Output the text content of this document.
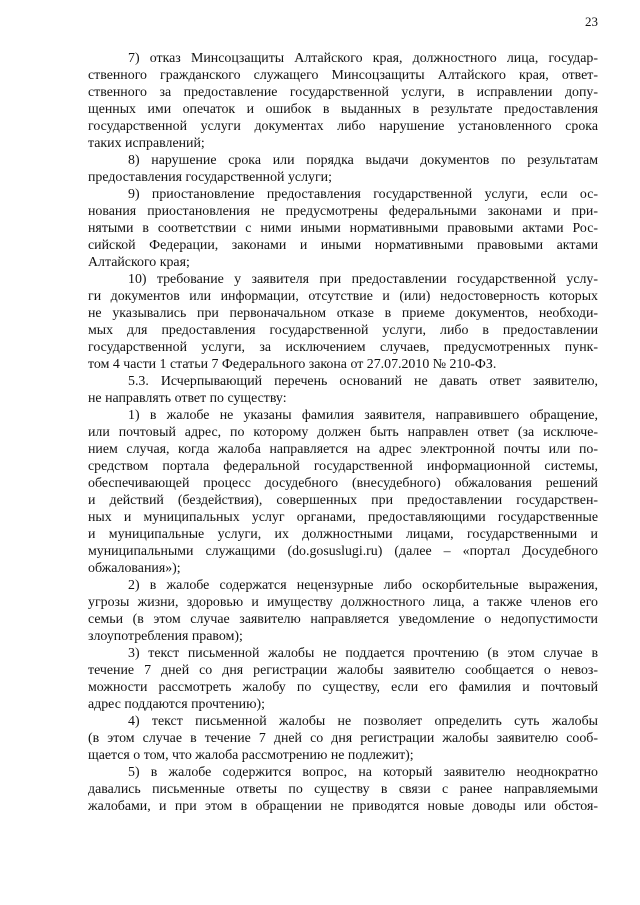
23
7) отказ Минсоцзащиты Алтайского края, должностного лица, государ-
ственного гражданского служащего Минсоцзащиты Алтайского края, ответ-
ственного за предоставление государственной услуги, в исправлении допу-
щенных ими опечаток и ошибок в выданных в результате предоставления
государственной услуги документах либо нарушение установленного срока
таких исправлений;
8) нарушение срока или порядка выдачи документов по результатам
предоставления государственной услуги;
9) приостановление предоставления государственной услуги, если ос-
нования приостановления не предусмотрены федеральными законами и при-
нятыми в соответствии с ними иными нормативными правовыми актами Рос-
сийской Федерации, законами и иными нормативными правовыми актами
Алтайского края;
10) требование у заявителя при предоставлении государственной услу-
ги документов или информации, отсутствие и (или) недостоверность которых
не указывались при первоначальном отказе в приеме документов, необходи-
мых для предоставления государственной услуги, либо в предоставлении
государственной услуги, за исключением случаев, предусмотренных пунк-
том 4 части 1 статьи 7 Федерального закона от 27.07.2010 № 210-ФЗ.
5.3. Исчерпывающий перечень оснований не давать ответ заявителю,
не направлять ответ по существу:
1) в жалобе не указаны фамилия заявителя, направившего обращение,
или почтовый адрес, по которому должен быть направлен ответ (за исключе-
нием случая, когда жалоба направляется на адрес электронной почты или по-
средством портала федеральной государственной информационной системы,
обеспечивающей процесс досудебного (внесудебного) обжалования решений
и действий (бездействия), совершенных при предоставлении государствен-
ных и муниципальных услуг органами, предоставляющими государственные
и муниципальные услуги, их должностными лицами, государственными и
муниципальными служащими (do.gosuslugi.ru) (далее – «портал Досудебного
обжалования»);
2) в жалобе содержатся нецензурные либо оскорбительные выражения,
угрозы жизни, здоровью и имуществу должностного лица, а также членов его
семьи (в этом случае заявителю направляется уведомление о недопустимости
злоупотребления правом);
3) текст письменной жалобы не поддается прочтению (в этом случае в
течение 7 дней со дня регистрации жалобы заявителю сообщается о невоз-
можности рассмотреть жалобу по существу, если его фамилия и почтовый
адрес поддаются прочтению);
4) текст письменной жалобы не позволяет определить суть жалобы
(в этом случае в течение 7 дней со дня регистрации жалобы заявителю сооб-
щается о том, что жалоба рассмотрению не подлежит);
5) в жалобе содержится вопрос, на который заявителю неоднократно
давались письменные ответы по существу в связи с ранее направляемыми
жалобами, и при этом в обращении не приводятся новые доводы или обстоя-
